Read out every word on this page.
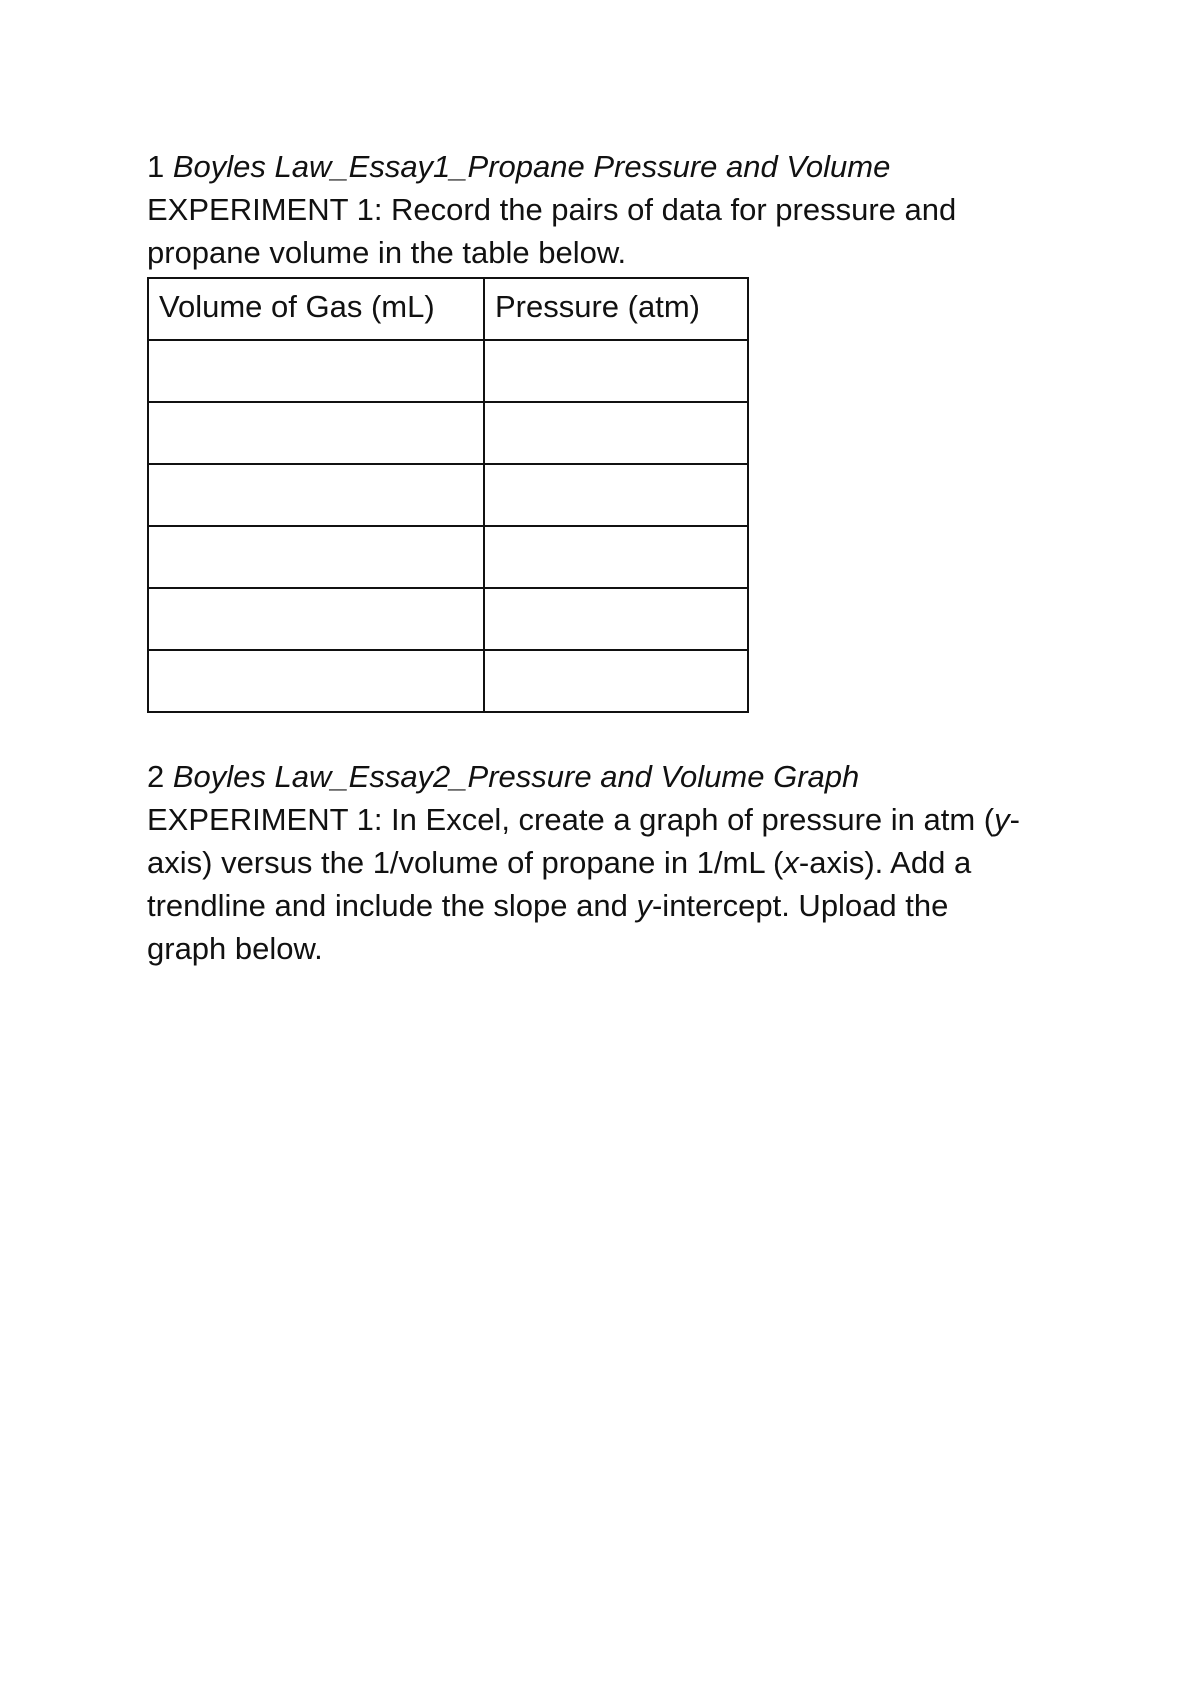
1 Boyles Law_Essay1_Propane Pressure and Volume

EXPERIMENT 1: Record the pairs of data for pressure and

propane volume in the table below.

Volume of Gas (mL)	Pressure (atm)

2 Boyles Law_Essay2_Pressure and Volume Graph

EXPERIMENT 1: In Excel, create a graph of pressure in atm (y-

axis) versus the 1/volume of propane in 1/mL (x-axis). Add a

trendline and include the slope and y-intercept. Upload the

graph below.
